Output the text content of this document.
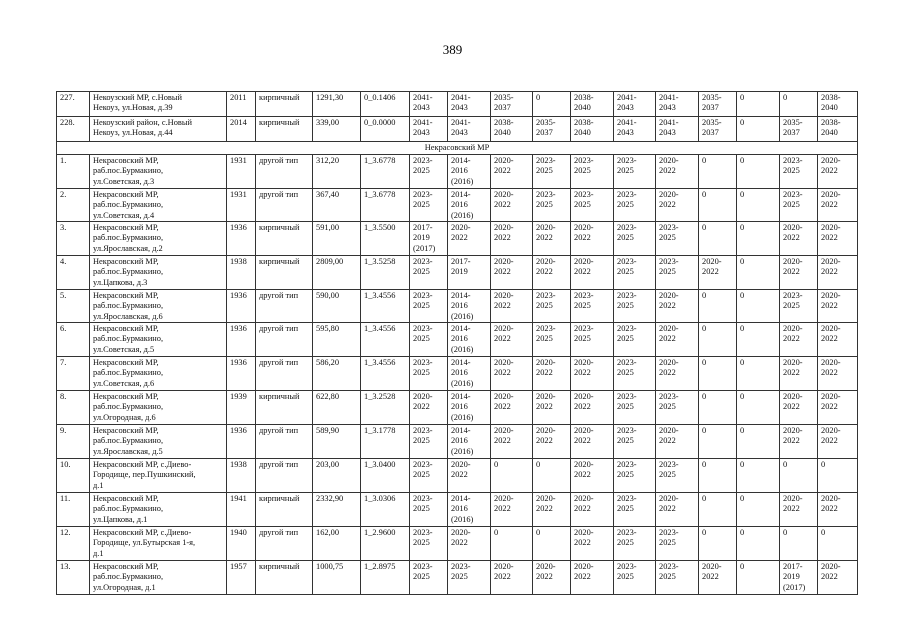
389
227.	Некоузский МР, с.Новый
Некоуз, ул.Новая, д.39	2011	кирпичный	1291,30	0_0.1406	2041-
2043	2041-
2043	2035-
2037	0	2038-
2040	2041-
2043	2041-
2043	2035-
2037	0	0	2038-
2040
228.	Некоузский район, с.Новый
Некоуз, ул.Новая, д.44	2014	кирпичный	339,00	0_0.0000	2041-
2043	2041-
2043	2038-
2040	2035-
2037	2038-
2040	2041-
2043	2041-
2043	2035-
2037	0	2035-
2037	2038-
2040
Некрасовский МР																
1.	Некрасовский МР,
раб.пос.Бурмакино,
ул.Советская, д.3	1931	другой тип	312,20	1_3.6778	2023-
2025	2014-
2016
(2016)	2020-
2022	2023-
2025	2023-
2025	2023-
2025	2020-
2022	0	0	2023-
2025	2020-
2022
2.	Некрасовский МР,
раб.пос.Бурмакино,
ул.Советская, д.4	1931	другой тип	367,40	1_3.6778	2023-
2025	2014-
2016
(2016)	2020-
2022	2023-
2025	2023-
2025	2023-
2025	2020-
2022	0	0	2023-
2025	2020-
2022
3.	Некрасовский МР,
раб.пос.Бурмакино,
ул.Ярославская, д.2	1936	кирпичный	591,00	1_3.5500	2017-
2019
(2017)	2020-
2022	2020-
2022	2020-
2022	2020-
2022	2023-
2025	2023-
2025	0	0	2020-
2022	2020-
2022
4.	Некрасовский МР,
раб.пос.Бурмакино,
ул.Цапкова, д.3	1938	кирпичный	2809,00	1_3.5258	2023-
2025	2017-
2019	2020-
2022	2020-
2022	2020-
2022	2023-
2025	2023-
2025	2020-
2022	0	2020-
2022	2020-
2022
5.	Некрасовский МР,
раб.пос.Бурмакино,
ул.Ярославская, д.6	1936	другой тип	590,00	1_3.4556	2023-
2025	2014-
2016
(2016)	2020-
2022	2023-
2025	2023-
2025	2023-
2025	2020-
2022	0	0	2023-
2025	2020-
2022
6.	Некрасовский МР,
раб.пос.Бурмакино,
ул.Советская, д.5	1936	другой тип	595,80	1_3.4556	2023-
2025	2014-
2016
(2016)	2020-
2022	2023-
2025	2023-
2025	2023-
2025	2020-
2022	0	0	2020-
2022	2020-
2022
7.	Некрасовский МР,
раб.пос.Бурмакино,
ул.Советская, д.6	1936	другой тип	586,20	1_3.4556	2023-
2025	2014-
2016
(2016)	2020-
2022	2020-
2022	2020-
2022	2023-
2025	2020-
2022	0	0	2020-
2022	2020-
2022
8.	Некрасовский МР,
раб.пос.Бурмакино,
ул.Огородная, д.6	1939	кирпичный	622,80	1_3.2528	2020-
2022	2014-
2016
(2016)	2020-
2022	2020-
2022	2020-
2022	2023-
2025	2023-
2025	0	0	2020-
2022	2020-
2022
9.	Некрасовский МР,
раб.пос.Бурмакино,
ул.Ярославская, д.5	1936	другой тип	589,90	1_3.1778	2023-
2025	2014-
2016
(2016)	2020-
2022	2020-
2022	2020-
2022	2023-
2025	2020-
2022	0	0	2020-
2022	2020-
2022
10.	Некрасовский МР, с.Диево-
Городище, пер.Пушкинский,
д.1	1938	другой тип	203,00	1_3.0400	2023-
2025	2020-
2022	0	0	2020-
2022	2023-
2025	2023-
2025	0	0	0	0
11.	Некрасовский МР,
раб.пос.Бурмакино,
ул.Цапкова, д.1	1941	кирпичный	2332,90	1_3.0306	2023-
2025	2014-
2016
(2016)	2020-
2022	2020-
2022	2020-
2022	2023-
2025	2020-
2022	0	0	2020-
2022	2020-
2022
12.	Некрасовский МР, с.Диево-
Городище, ул.Бутырская 1-я,
д.1	1940	другой тип	162,00	1_2.9600	2023-
2025	2020-
2022	0	0	2020-
2022	2023-
2025	2023-
2025	0	0	0	0
13.	Некрасовский МР,
раб.пос.Бурмакино,
ул.Огородная, д.1	1957	кирпичный	1000,75	1_2.8975	2023-
2025	2023-
2025	2020-
2022	2020-
2022	2020-
2022	2023-
2025	2023-
2025	2020-
2022	0	2017-
2019
(2017)	2020-
2022
